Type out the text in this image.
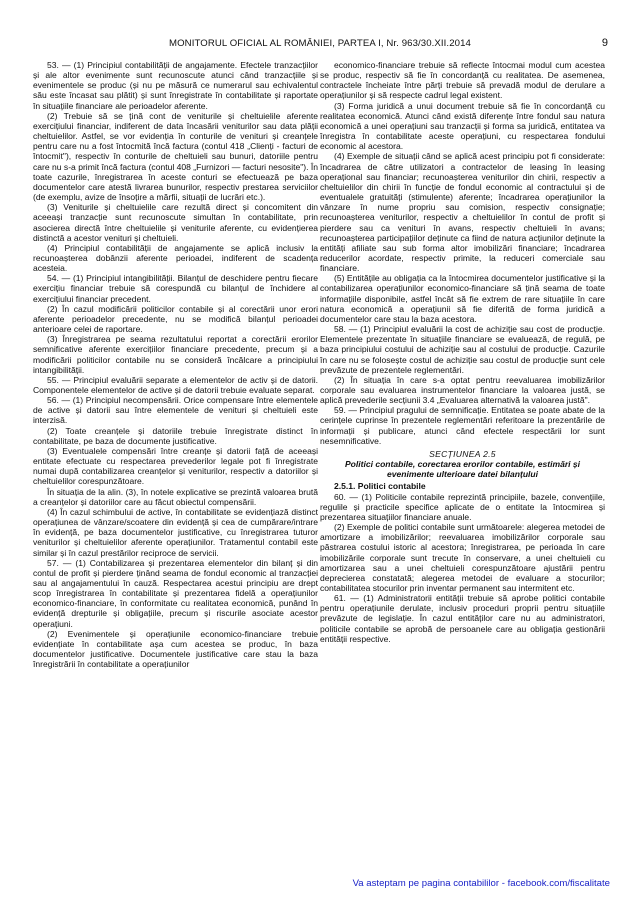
MONITORUL OFICIAL AL ROMÂNIEI, PARTEA I, Nr. 963/30.XII.2014	9

53. — (1) Principiul contabilității de angajamente. Efectele tranzacțiilor și ale altor evenimente sunt recunoscute atunci când tranzacțiile și evenimentele se produc (și nu pe măsură ce numerarul sau echivalentul său este încasat sau plătit) și sunt înregistrate în contabilitate și raportate în situațiile financiare ale perioadelor aferente.

(2) Trebuie să se țină cont de veniturile și cheltuielile aferente exercițiului financiar, indiferent de data încasării veniturilor sau data plății cheltuielilor. Astfel, se vor evidenția în conturile de venituri și creanțele pentru care nu a fost întocmită încă factura (contul 418 „Clienți - facturi de întocmit"), respectiv în conturile de cheltuieli sau bunuri, datoriile pentru care nu s-a primit încă factura (contul 408 „Furnizori — facturi nesosite"). În toate cazurile, înregistrarea în aceste conturi se efectuează pe baza documentelor care atestă livrarea bunurilor, respectiv prestarea serviciilor (de exemplu, avize de însoțire a mărfii, situații de lucrări etc.).

(3) Veniturile și cheltuielile care rezultă direct și concomitent din aceeași tranzacție sunt recunoscute simultan în contabilitate, prin asocierea directă între cheltuielile și veniturile aferente, cu evidențierea distinctă a acestor venituri și cheltuieli.

(4) Principiul contabilității de angajamente se aplică inclusiv la recunoașterea dobânzii aferente perioadei, indiferent de scadența acesteia.

54. — (1) Principiul intangibilității. Bilanțul de deschidere pentru fiecare exercițiu financiar trebuie să corespundă cu bilanțul de închidere al exercițiului financiar precedent.

(2) În cazul modificării politicilor contabile și al corectării unor erori aferente perioadelor precedente, nu se modifică bilanțul perioadei anterioare celei de raportare.

(3) Înregistrarea pe seama rezultatului reportat a corectării erorilor semnificative aferente exercițiilor financiare precedente, precum și a modificării politicilor contabile nu se consideră încălcare a principiului intangibilității.

55. — Principiul evaluării separate a elementelor de activ și de datorii. Componentele elementelor de active și de datorii trebuie evaluate separat.

56. — (1) Principiul necompensării. Orice compensare între elementele de active și datorii sau între elementele de venituri și cheltuieli este interzisă.

(2) Toate creanțele și datoriile trebuie înregistrate distinct în contabilitate, pe baza de documente justificative.

(3) Eventualele compensări între creanțe și datorii față de aceeași entitate efectuate cu respectarea prevederilor legale pot fi înregistrate numai după contabilizarea creanțelor și veniturilor, respectiv a datoriilor și cheltuielilor corespunzătoare.

În situația de la alin. (3), în notele explicative se prezintă valoarea brută a creanțelor și datoriilor care au făcut obiectul compensării.

(4) În cazul schimbului de active, în contabilitate se evidențiază distinct operațiunea de vânzare/scoatere din evidență și cea de cumpărare/intrare în evidență, pe baza documentelor justificative, cu înregistrarea tuturor veniturilor și cheltuielilor aferente operațiunilor. Tratamentul contabil este similar și în cazul prestărilor reciproce de servicii.

57. — (1) Contabilizarea și prezentarea elementelor din bilanț și din contul de profit și pierdere ținând seama de fondul economic al tranzacției sau al angajamentului în cauză. Respectarea acestui principiu are drept scop înregistrarea în contabilitate și prezentarea fidelă a operațiunilor economico-financiare, în conformitate cu realitatea economică, punând în evidență drepturile și obligațiile, precum și riscurile asociate acestor operațiuni.

(2) Evenimentele și operațiunile economico-financiare trebuie evidențiate în contabilitate așa cum acestea se produc, în baza documentelor justificative. Documentele justificative care stau la baza înregistrării în contabilitate a operațiunilor

economico-financiare trebuie să reflecte întocmai modul cum acestea se produc, respectiv să fie în concordanță cu realitatea. De asemenea, contractele încheiate între părți trebuie să prevadă modul de derulare a operațiunilor și să respecte cadrul legal existent.

(3) Forma juridică a unui document trebuie să fie în concordanță cu realitatea economică. Atunci când există diferențe între fondul sau natura economică a unei operațiuni sau tranzacții și forma sa juridică, entitatea va înregistra în contabilitate aceste operațiuni, cu respectarea fondului economic al acestora.

(4) Exemple de situații când se aplică acest principiu pot fi considerate: încadrarea de către utilizatori a contractelor de leasing în leasing operațional sau financiar; recunoașterea veniturilor din chirii, respectiv a cheltuielilor din chirii în funcție de fondul economic al contractului și de eventualele gratuități (stimulente) aferente; încadrarea operațiunilor la vânzare în nume propriu sau comision, respectiv consignație; recunoașterea veniturilor, respectiv a cheltuielilor în contul de profit și pierdere sau ca venituri în avans, respectiv cheltuieli în avans; recunoașterea participațiilor deținute ca fiind de natura acțiunilor deținute la entități afiliate sau sub forma altor imobilizări financiare; încadrarea reducerilor acordate, respectiv primite, la reduceri comerciale sau financiare.

(5) Entitățile au obligația ca la întocmirea documentelor justificative și la contabilizarea operațiunilor economico-financiare să țină seama de toate informațiile disponibile, astfel încât să fie extrem de rare situațiile în care natura economică a operațiunii să fie diferită de forma juridică a documentelor care stau la baza acestora.

58. — (1) Principiul evaluării la cost de achiziție sau cost de producție. Elementele prezentate în situațiile financiare se evaluează, de regulă, pe baza principiului costului de achiziție sau al costului de producție. Cazurile în care nu se folosește costul de achiziție sau costul de producție sunt cele prevăzute de prezentele reglementări.

(2) În situația în care s-a optat pentru reevaluarea imobilizărilor corporale sau evaluarea instrumentelor financiare la valoarea justă, se aplică prevederile secțiunii 3.4 „Evaluarea alternativă la valoarea justă".

59. — Principiul pragului de semnificație. Entitatea se poate abate de la cerințele cuprinse în prezentele reglementări referitoare la prezentările de informații și publicare, atunci când efectele respectării lor sunt nesemnificative.

SECȚIUNEA 2.5

Politici contabile, corectarea erorilor contabile, estimări și evenimente ulterioare datei bilanțului

2.5.1. Politici contabile

60. — (1) Politicile contabile reprezintă principiile, bazele, convențiile, regulile și practicile specifice aplicate de o entitate la întocmirea și prezentarea situațiilor financiare anuale.

(2) Exemple de politici contabile sunt următoarele: alegerea metodei de amortizare a imobilizărilor; reevaluarea imobilizărilor corporale sau păstrarea costului istoric al acestora; înregistrarea, pe perioada în care imobilizările corporale sunt trecute în conservare, a unei cheltuieli cu amortizarea sau a unei cheltuieli corespunzătoare ajustării pentru deprecierea constatată; alegerea metodei de evaluare a stocurilor; contabilitatea stocurilor prin inventar permanent sau intermitent etc.

61. — (1) Administratorii entității trebuie să aprobe politici contabile pentru operațiunile derulate, inclusiv proceduri proprii pentru situațiile prevăzute de legislație. În cazul entităților care nu au administratori, politicile contabile se aprobă de persoanele care au obligația gestionării entității respective.

Va asteptam pe pagina contabililor - facebook.com/fiscalitate
